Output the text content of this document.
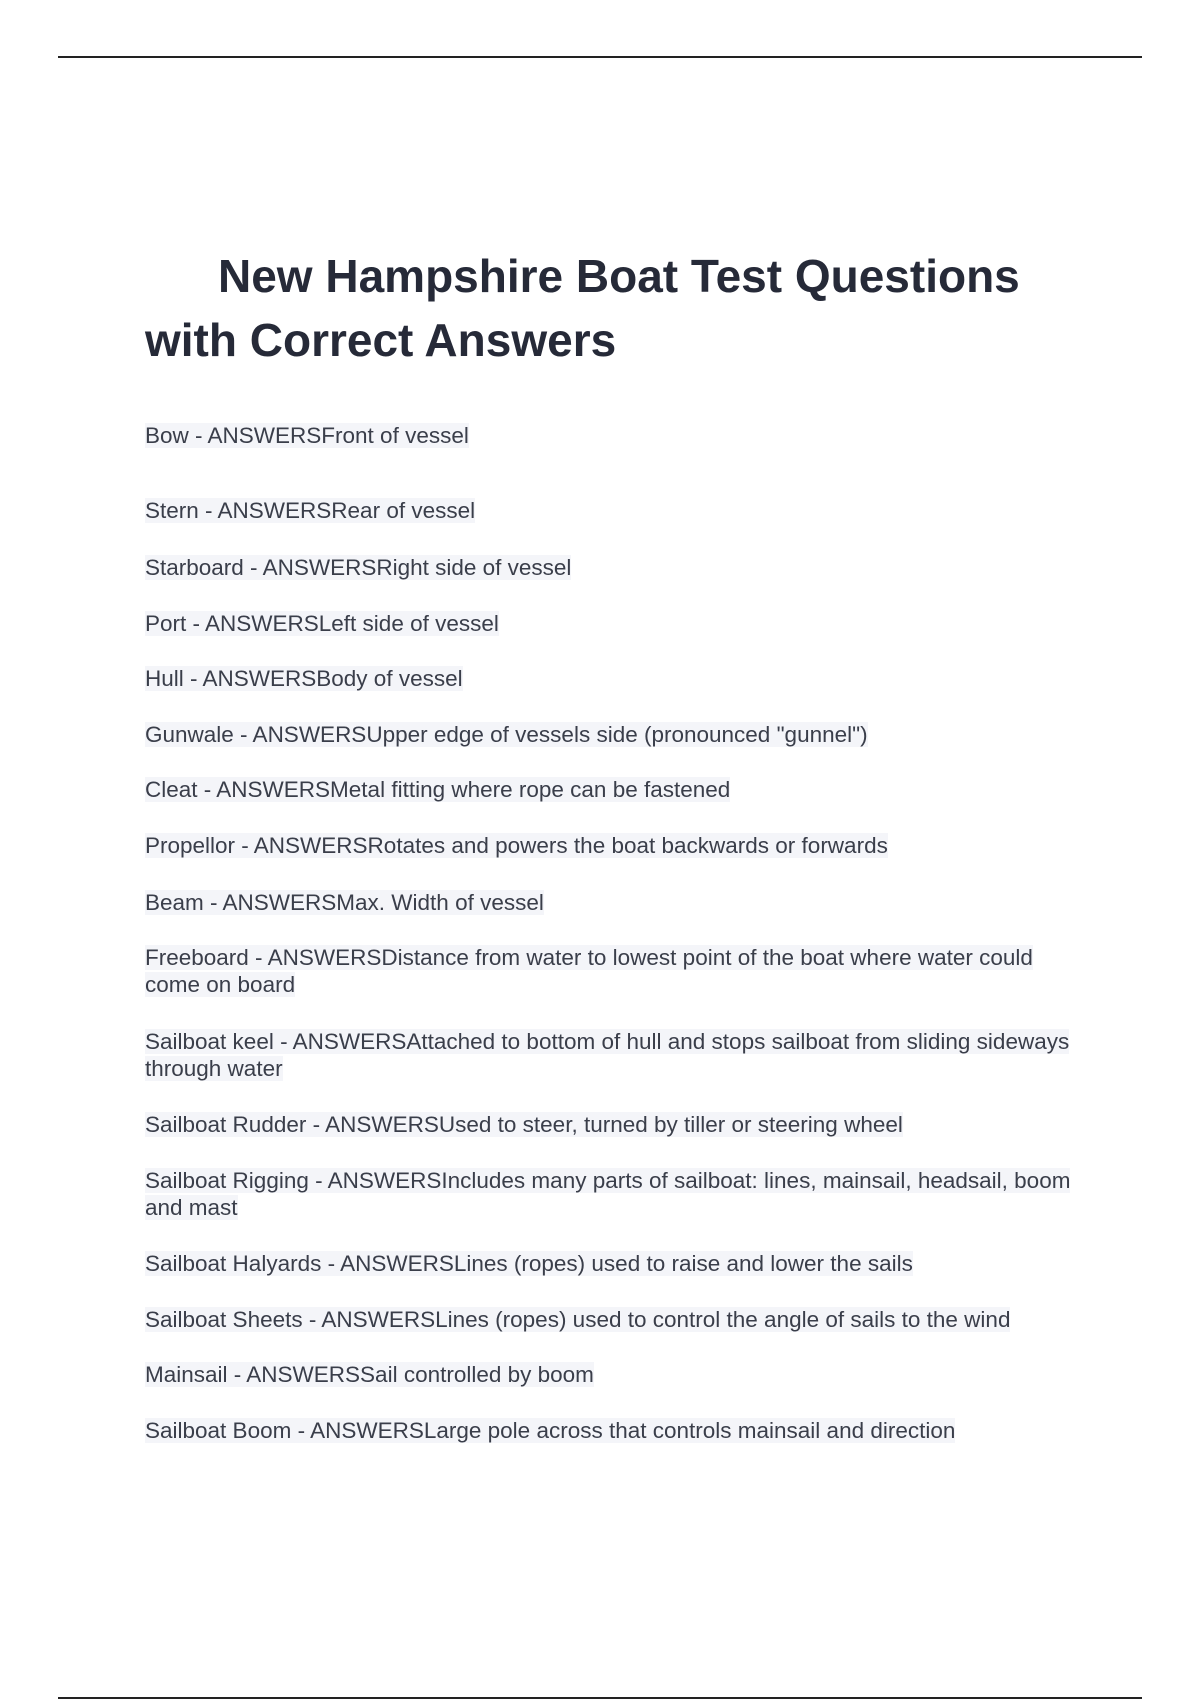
New Hampshire Boat Test Questions with Correct Answers
Bow - ANSWERSFront of vessel
Stern - ANSWERSRear of vessel
Starboard - ANSWERSRight side of vessel
Port - ANSWERSLeft side of vessel
Hull - ANSWERSBody of vessel
Gunwale - ANSWERSUpper edge of vessels side (pronounced "gunnel")
Cleat - ANSWERSMetal fitting where rope can be fastened
Propellor - ANSWERSRotates and powers the boat backwards or forwards
Beam - ANSWERSMax. Width of vessel
Freeboard - ANSWERSDistance from water to lowest point of the boat where water could come on board
Sailboat keel - ANSWERSAttached to bottom of hull and stops sailboat from sliding sideways through water
Sailboat Rudder - ANSWERSUsed to steer, turned by tiller or steering wheel
Sailboat Rigging - ANSWERSIncludes many parts of sailboat: lines, mainsail, headsail, boom and mast
Sailboat Halyards - ANSWERSLines (ropes) used to raise and lower the sails
Sailboat Sheets - ANSWERSLines (ropes) used to control the angle of sails to the wind
Mainsail - ANSWERSSail controlled by boom
Sailboat Boom - ANSWERSLarge pole across that controls mainsail and direction
